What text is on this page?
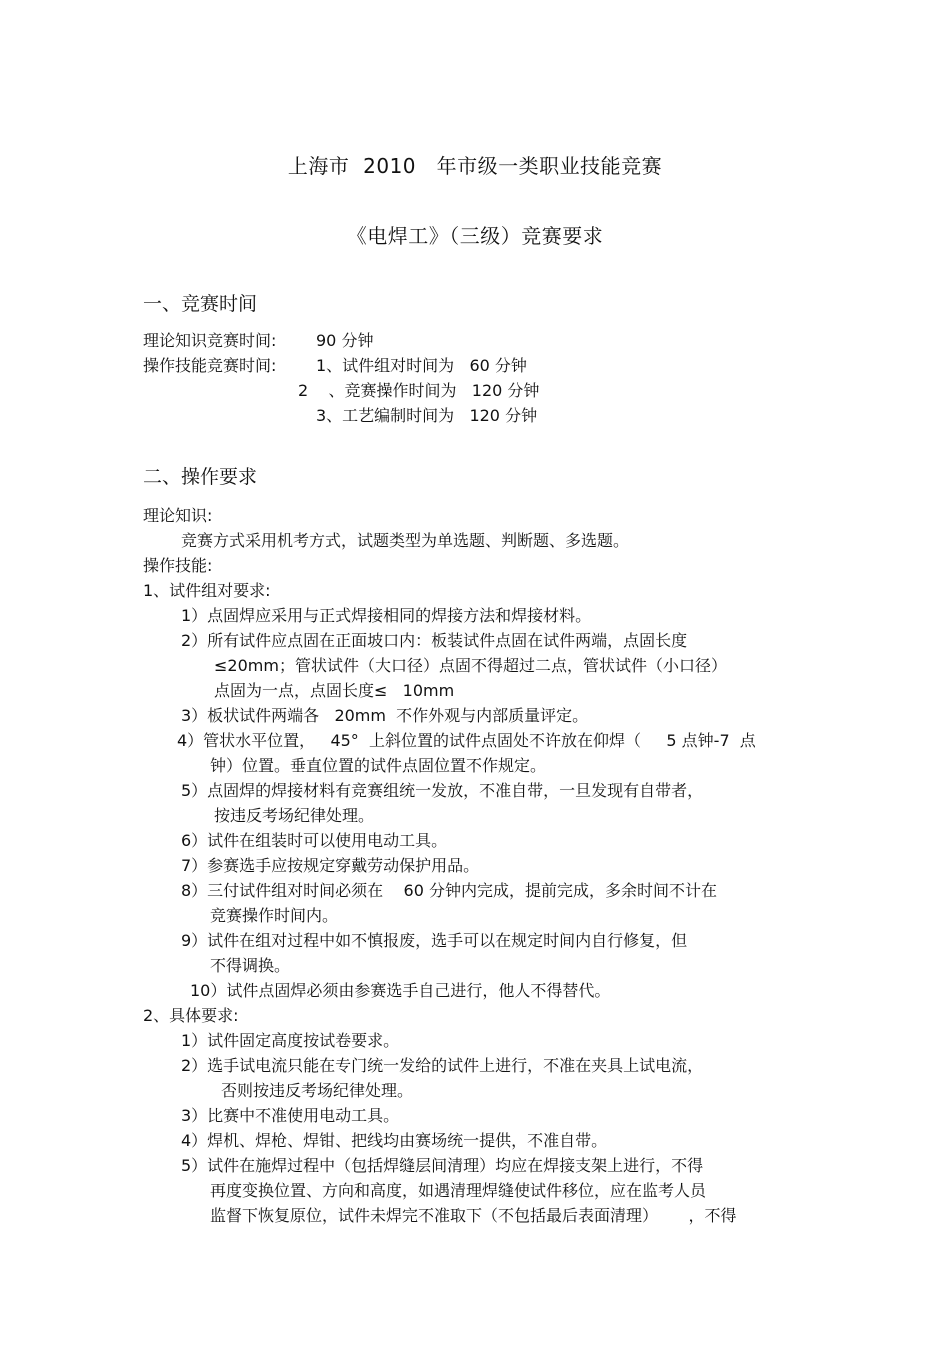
上海市  2010   年市级一类职业技能竞赛
《电焊工》（三级）竞赛要求
一、竞赛时间
理论知识竞赛时间: 90 分钟
操作技能竞赛时间: 1、试件组对时间为   60 分钟
2    、竞赛操作时间为   120 分钟
3、工艺编制时间为   120 分钟
二、操作要求
理论知识:
竞赛方式采用机考方式，试题类型为单选题、判断题、多选题。
操作技能:
1、试件组对要求:
1）点固焊应采用与正式焊接相同的焊接方法和焊接材料。
2）所有试件应点固在正面坡口内：板装试件点固在试件两端，点固长度
≤20mm；管状试件（大口径）点固不得超过二点，管状试件（小口径）
点固为一点，点固长度≤   10mm
3）板状试件两端各   20mm  不作外观与内部质量评定。
4）管状水平位置，   45°  上斜位置的试件点固处不许放在仰焊（     5 点钟-7  点
钟）位置。垂直位置的试件点固位置不作规定。
5）点固焊的焊接材料有竞赛组统一发放，不准自带，一旦发现有自带者，
按违反考场纪律处理。
6）试件在组装时可以使用电动工具。
7）参赛选手应按规定穿戴劳动保护用品。
8）三付试件组对时间必须在    60 分钟内完成，提前完成，多余时间不计在
竞赛操作时间内。
9）试件在组对过程中如不慎报废，选手可以在规定时间内自行修复，但
不得调换。
10）试件点固焊必须由参赛选手自己进行，他人不得替代。
2、具体要求:
1）试件固定高度按试卷要求。
2）选手试电流只能在专门统一发给的试件上进行，不准在夹具上试电流，
否则按违反考场纪律处理。
3）比赛中不准使用电动工具。
4）焊机、焊枪、焊钳、把线均由赛场统一提供，不准自带。
5）试件在施焊过程中（包括焊缝层间清理）均应在焊接支架上进行，不得
再度变换位置、方向和高度，如遇清理焊缝使试件移位，应在监考人员
监督下恢复原位，试件未焊完不准取下（不包括最后表面清理）      ，不得
